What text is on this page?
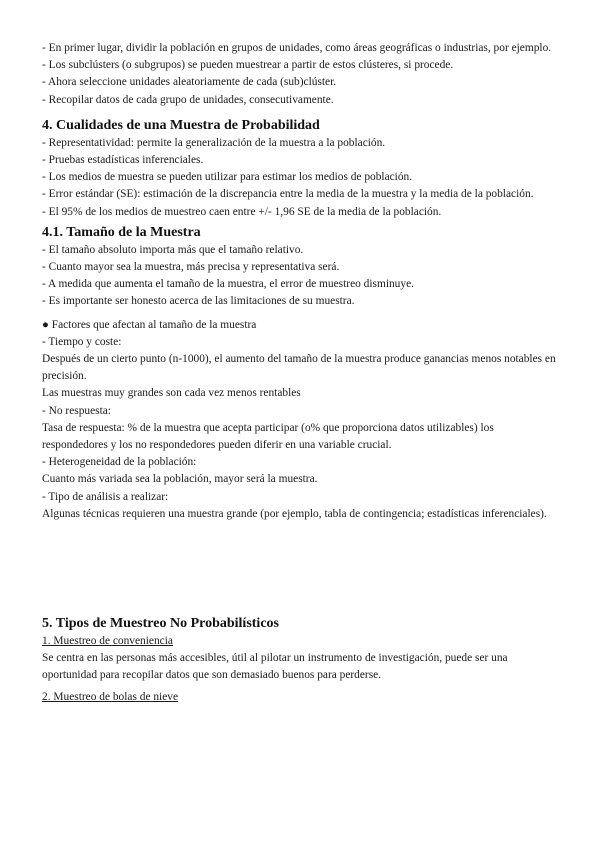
- En primer lugar, dividir la población en grupos de unidades, como áreas geográficas o industrias, por ejemplo.

- Los subclústers (o subgrupos) se pueden muestrear a partir de estos clústeres, si procede.

- Ahora seleccione unidades aleatoriamente de cada (sub)clúster.

- Recopilar datos de cada grupo de unidades, consecutivamente.

4. Cualidades de una Muestra de Probabilidad

- Representatividad: permite la generalización de la muestra a la población.

- Pruebas estadísticas inferenciales.

- Los medios de muestra se pueden utilizar para estimar los medios de población.

- Error estándar (SE): estimación de la discrepancia entre la media de la muestra y la media de la población.

- El 95% de los medios de muestreo caen entre +/- 1,96 SE de la media de la población.

4.1. Tamaño de la Muestra

- El tamaño absoluto importa más que el tamaño relativo.

- Cuanto mayor sea la muestra, más precisa y representativa será.

- A medida que aumenta el tamaño de la muestra, el error de muestreo disminuye.

- Es importante ser honesto acerca de las limitaciones de su muestra.

● Factores que afectan al tamaño de la muestra

- Tiempo y coste:

Después de un cierto punto (n-1000), el aumento del tamaño de la muestra produce ganancias menos notables en precisión.

Las muestras muy grandes son cada vez menos rentables

- No respuesta:

Tasa de respuesta: % de la muestra que acepta participar (o% que proporciona datos utilizables) los respondedores y los no respondedores pueden diferir en una variable crucial.

- Heterogeneidad de la población:

Cuanto más variada sea la población, mayor será la muestra.

- Tipo de análisis a realizar:

Algunas técnicas requieren una muestra grande (por ejemplo, tabla de contingencia; estadísticas inferenciales).

5. Tipos de Muestreo No Probabilísticos

1. Muestreo de conveniencia

Se centra en las personas más accesibles, útil al pilotar un instrumento de investigación, puede ser una oportunidad para recopilar datos que son demasiado buenos para perderse.

2. Muestreo de bolas de nieve
